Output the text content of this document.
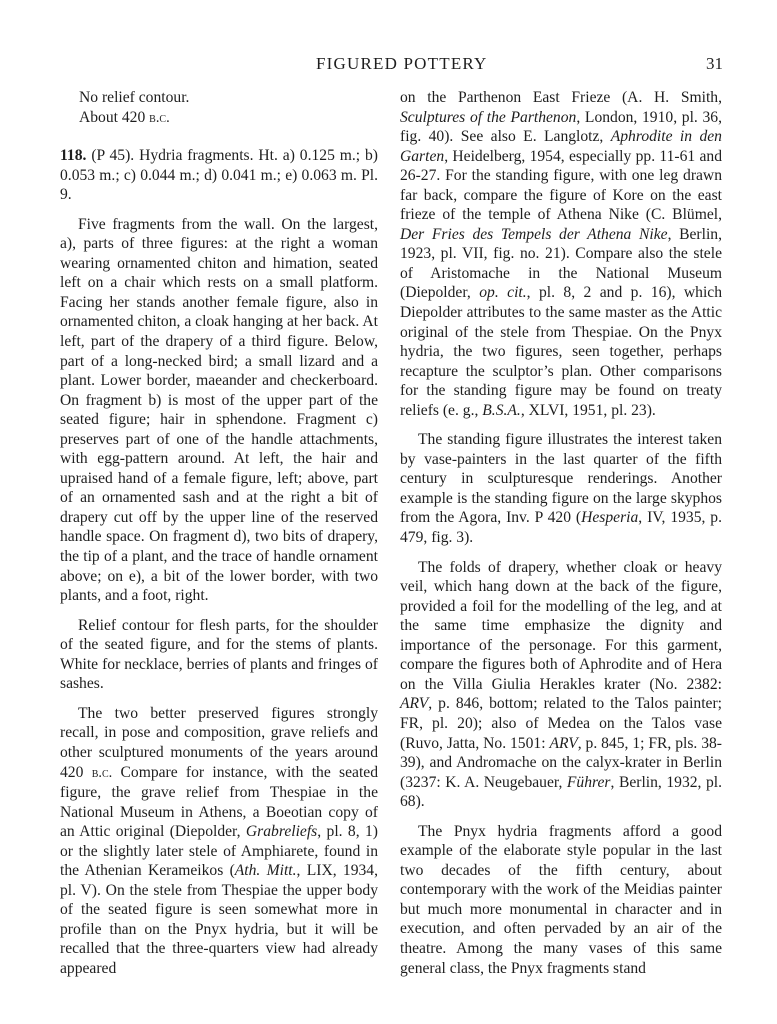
FIGURED POTTERY	31

No relief contour.

About 420 b.c.

118. (P 45). Hydria fragments. Ht. a) 0.125 m.; b) 0.053 m.; c) 0.044 m.; d) 0.041 m.; e) 0.063 m. Pl. 9.

Five fragments from the wall. On the largest, a), parts of three figures: at the right a woman wearing ornamented chiton and himation, seated left on a chair which rests on a small platform. Facing her stands another female figure, also in ornamented chiton, a cloak hanging at her back. At left, part of the drapery of a third figure. Below, part of a long-necked bird; a small lizard and a plant. Lower border, maeander and checkerboard. On fragment b) is most of the upper part of the seated figure; hair in sphendone. Fragment c) preserves part of one of the handle attachments, with egg-pattern around. At left, the hair and upraised hand of a female figure, left; above, part of an ornamented sash and at the right a bit of drapery cut off by the upper line of the reserved handle space. On fragment d), two bits of drapery, the tip of a plant, and the trace of handle ornament above; on e), a bit of the lower border, with two plants, and a foot, right.

Relief contour for flesh parts, for the shoulder of the seated figure, and for the stems of plants. White for necklace, berries of plants and fringes of sashes.

The two better preserved figures strongly recall, in pose and composition, grave reliefs and other sculptured monuments of the years around 420 b.c. Compare for instance, with the seated figure, the grave relief from Thespiae in the National Museum in Athens, a Boeotian copy of an Attic original (Diepolder, Grabreliefs, pl. 8, 1) or the slightly later stele of Amphiarete, found in the Athenian Kerameikos (Ath. Mitt., LIX, 1934, pl. V). On the stele from Thespiae the upper body of the seated figure is seen somewhat more in profile than on the Pnyx hydria, but it will be recalled that the three-quarters view had already appeared

on the Parthenon East Frieze (A. H. Smith, Sculptures of the Parthenon, London, 1910, pl. 36, fig. 40). See also E. Langlotz, Aphrodite in den Garten, Heidelberg, 1954, especially pp. 11-61 and 26-27. For the standing figure, with one leg drawn far back, compare the figure of Kore on the east frieze of the temple of Athena Nike (C. Blümel, Der Fries des Tempels der Athena Nike, Berlin, 1923, pl. VII, fig. no. 21). Compare also the stele of Aristomache in the National Museum (Diepolder, op. cit., pl. 8, 2 and p. 16), which Diepolder attributes to the same master as the Attic original of the stele from Thespiae. On the Pnyx hydria, the two figures, seen together, perhaps recapture the sculptor’s plan. Other comparisons for the standing figure may be found on treaty reliefs (e. g., B.S.A., XLVI, 1951, pl. 23).

The standing figure illustrates the interest taken by vase-painters in the last quarter of the fifth century in sculpturesque renderings. Another example is the standing figure on the large skyphos from the Agora, Inv. P 420 (Hesperia, IV, 1935, p. 479, fig. 3).

The folds of drapery, whether cloak or heavy veil, which hang down at the back of the figure, provided a foil for the modelling of the leg, and at the same time emphasize the dignity and importance of the personage. For this garment, compare the figures both of Aphrodite and of Hera on the Villa Giulia Herakles krater (No. 2382: ARV, p. 846, bottom; related to the Talos painter; FR, pl. 20); also of Medea on the Talos vase (Ruvo, Jatta, No. 1501: ARV, p. 845, 1; FR, pls. 38-39), and Andromache on the calyx-krater in Berlin (3237: K. A. Neugebauer, Führer, Berlin, 1932, pl. 68).

The Pnyx hydria fragments afford a good example of the elaborate style popular in the last two decades of the fifth century, about contemporary with the work of the Meidias painter but much more monumental in character and in execution, and often pervaded by an air of the theatre. Among the many vases of this same general class, the Pnyx fragments stand
